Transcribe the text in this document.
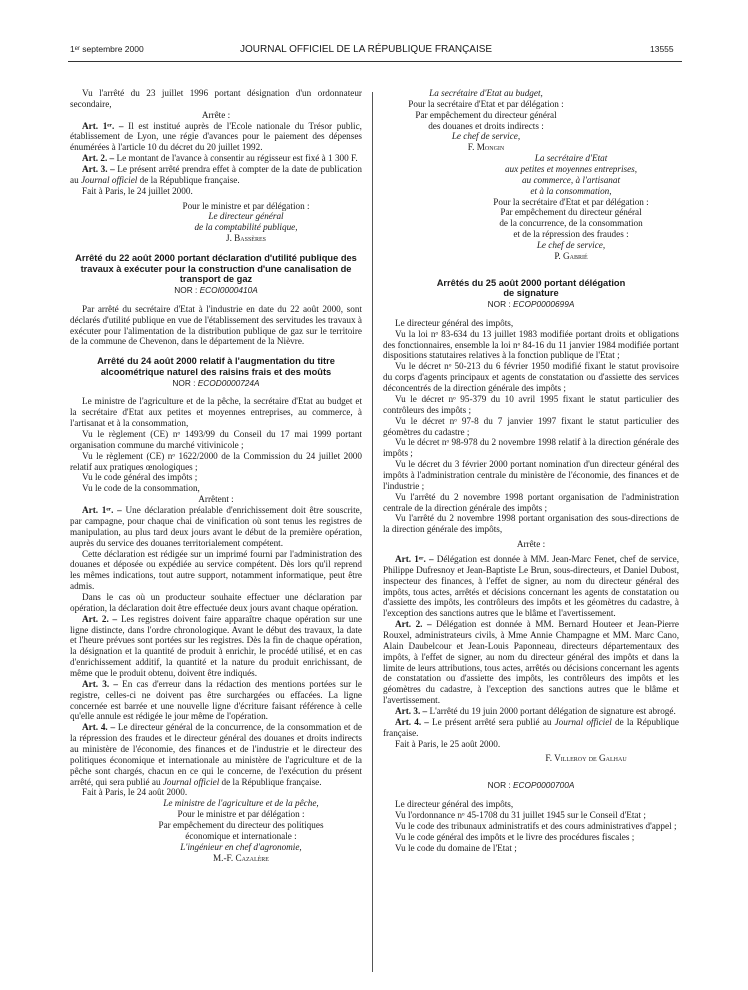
1ᵉʳ septembre 2000	JOURNAL OFFICIEL DE LA RÉPUBLIQUE FRANÇAISE	13555

Vu l'arrêté du 23 juillet 1996 portant désignation d'un ordonnateur secondaire,

Arrête :

Art. 1ᵉʳ. – Il est institué auprès de l'Ecole nationale du Trésor public, établissement de Lyon, une régie d'avances pour le paiement des dépenses énumérées à l'article 10 du décret du 20 juillet 1992.

Art. 2. – Le montant de l'avance à consentir au régisseur est fixé à 1 300 F.

Art. 3. – Le présent arrêté prendra effet à compter de la date de publication au Journal officiel de la République française.

Fait à Paris, le 24 juillet 2000.

Pour le ministre et par délégation :

Le directeur général

de la comptabilité publique,

J. Bassères

Arrêté du 22 août 2000 portant déclaration d'utilité publique des travaux à exécuter pour la construction d'une canalisation de transport de gaz
NOR : ECOI0000410A

Par arrêté du secrétaire d'Etat à l'industrie en date du 22 août 2000, sont déclarés d'utilité publique en vue de l'établissement des servitudes les travaux à exécuter pour l'alimentation de la distribution publique de gaz sur le territoire de la commune de Chevenon, dans le département de la Nièvre.

Arrêté du 24 août 2000 relatif à l'augmentation du titre alcoométrique naturel des raisins frais et des moûts
NOR : ECOD0000724A

Le ministre de l'agriculture et de la pêche, la secrétaire d'Etat au budget et la secrétaire d'Etat aux petites et moyennes entreprises, au commerce, à l'artisanat et à la consommation,

Vu le règlement (CE) nᵒ 1493/99 du Conseil du 17 mai 1999 portant organisation commune du marché vitivinicole ;

Vu le règlement (CE) nᵒ 1622/2000 de la Commission du 24 juillet 2000 relatif aux pratiques œnologiques ;

Vu le code général des impôts ;

Vu le code de la consommation,

Arrêtent :

Art. 1ᵉʳ. – Une déclaration préalable d'enrichissement doit être souscrite, par campagne, pour chaque chai de vinification où sont tenus les registres de manipulation, au plus tard deux jours avant le début de la première opération, auprès du service des douanes territorialement compétent.

Cette déclaration est rédigée sur un imprimé fourni par l'administration des douanes et déposée ou expédiée au service compétent. Dès lors qu'il reprend les mêmes indications, tout autre support, notamment informatique, peut être admis.

Dans le cas où un producteur souhaite effectuer une déclaration par opération, la déclaration doit être effectuée deux jours avant chaque opération.

Art. 2. – Les registres doivent faire apparaître chaque opération sur une ligne distincte, dans l'ordre chronologique. Avant le début des travaux, la date et l'heure prévues sont portées sur les registres. Dès la fin de chaque opération, la désignation et la quantité de produit à enrichir, le procédé utilisé, et en cas d'enrichissement additif, la quantité et la nature du produit enrichissant, de même que le produit obtenu, doivent être indiqués.

Art. 3. – En cas d'erreur dans la rédaction des mentions portées sur le registre, celles-ci ne doivent pas être surchargées ou effacées. La ligne concernée est barrée et une nouvelle ligne d'écriture faisant référence à celle qu'elle annule est rédigée le jour même de l'opération.

Art. 4. – Le directeur général de la concurrence, de la consommation et de la répression des fraudes et le directeur général des douanes et droits indirects au ministère de l'économie, des finances et de l'industrie et le directeur des politiques économique et internationale au ministère de l'agriculture et de la pêche sont chargés, chacun en ce qui le concerne, de l'exécution du présent arrêté, qui sera publié au Journal officiel de la République française.

Fait à Paris, le 24 août 2000.

Le ministre de l'agriculture et de la pêche,

Pour le ministre et par délégation :

Par empêchement du directeur des politiques

économique et internationale :

L'ingénieur en chef d'agronomie,

M.-F. Cazalère

La secrétaire d'Etat au budget,

Pour la secrétaire d'Etat et par délégation :

Par empêchement du directeur général

des douanes et droits indirects :

Le chef de service,

F. Mongin

La secrétaire d'Etat

aux petites et moyennes entreprises,

au commerce, à l'artisanat

et à la consommation,

Pour la secrétaire d'Etat et par délégation :

Par empêchement du directeur général

de la concurrence, de la consommation

et de la répression des fraudes :

Le chef de service,

P. Gabrié

Arrêtés du 25 août 2000 portant délégation de signature
NOR : ECOP0000699A

Le directeur général des impôts,

Vu la loi nᵒ 83-634 du 13 juillet 1983 modifiée portant droits et obligations des fonctionnaires, ensemble la loi nᵒ 84-16 du 11 janvier 1984 modifiée portant dispositions statutaires relatives à la fonction publique de l'Etat ;

Vu le décret nᵒ 50-213 du 6 février 1950 modifié fixant le statut provisoire du corps d'agents principaux et agents de constatation ou d'assiette des services déconcentrés de la direction générale des impôts ;

Vu le décret nᵒ 95-379 du 10 avril 1995 fixant le statut particulier des contrôleurs des impôts ;

Vu le décret nᵒ 97-8 du 7 janvier 1997 fixant le statut particulier des géomètres du cadastre ;

Vu le décret nᵒ 98-978 du 2 novembre 1998 relatif à la direction générale des impôts ;

Vu le décret du 3 février 2000 portant nomination d'un directeur général des impôts à l'administration centrale du ministère de l'économie, des finances et de l'industrie ;

Vu l'arrêté du 2 novembre 1998 portant organisation de l'administration centrale de la direction générale des impôts ;

Vu l'arrêté du 2 novembre 1998 portant organisation des sous-directions de la direction générale des impôts,

Arrête :

Art. 1ᵉʳ. – Délégation est donnée à MM. Jean-Marc Fenet, chef de service, Philippe Dufresnoy et Jean-Baptiste Le Brun, sous-directeurs, et Daniel Dubost, inspecteur des finances, à l'effet de signer, au nom du directeur général des impôts, tous actes, arrêtés et décisions concernant les agents de constatation ou d'assiette des impôts, les contrôleurs des impôts et les géomètres du cadastre, à l'exception des sanctions autres que le blâme et l'avertissement.

Art. 2. – Délégation est donnée à MM. Bernard Houteer et Jean-Pierre Rouxel, administrateurs civils, à Mme Annie Champagne et MM. Marc Cano, Alain Daubelcour et Jean-Louis Paponneau, directeurs départementaux des impôts, à l'effet de signer, au nom du directeur général des impôts et dans la limite de leurs attributions, tous actes, arrêtés ou décisions concernant les agents de constatation ou d'assiette des impôts, les contrôleurs des impôts et les géomètres du cadastre, à l'exception des sanctions autres que le blâme et l'avertissement.

Art. 3. – L'arrêté du 19 juin 2000 portant délégation de signature est abrogé.

Art. 4. – Le présent arrêté sera publié au Journal officiel de la République française.

Fait à Paris, le 25 août 2000.

F. Villeroy de Galhau

NOR : ECOP0000700A

Le directeur général des impôts,

Vu l'ordonnance nᵒ 45-1708 du 31 juillet 1945 sur le Conseil d'Etat ;

Vu le code des tribunaux administratifs et des cours administratives d'appel ;

Vu le code général des impôts et le livre des procédures fiscales ;

Vu le code du domaine de l'Etat ;
